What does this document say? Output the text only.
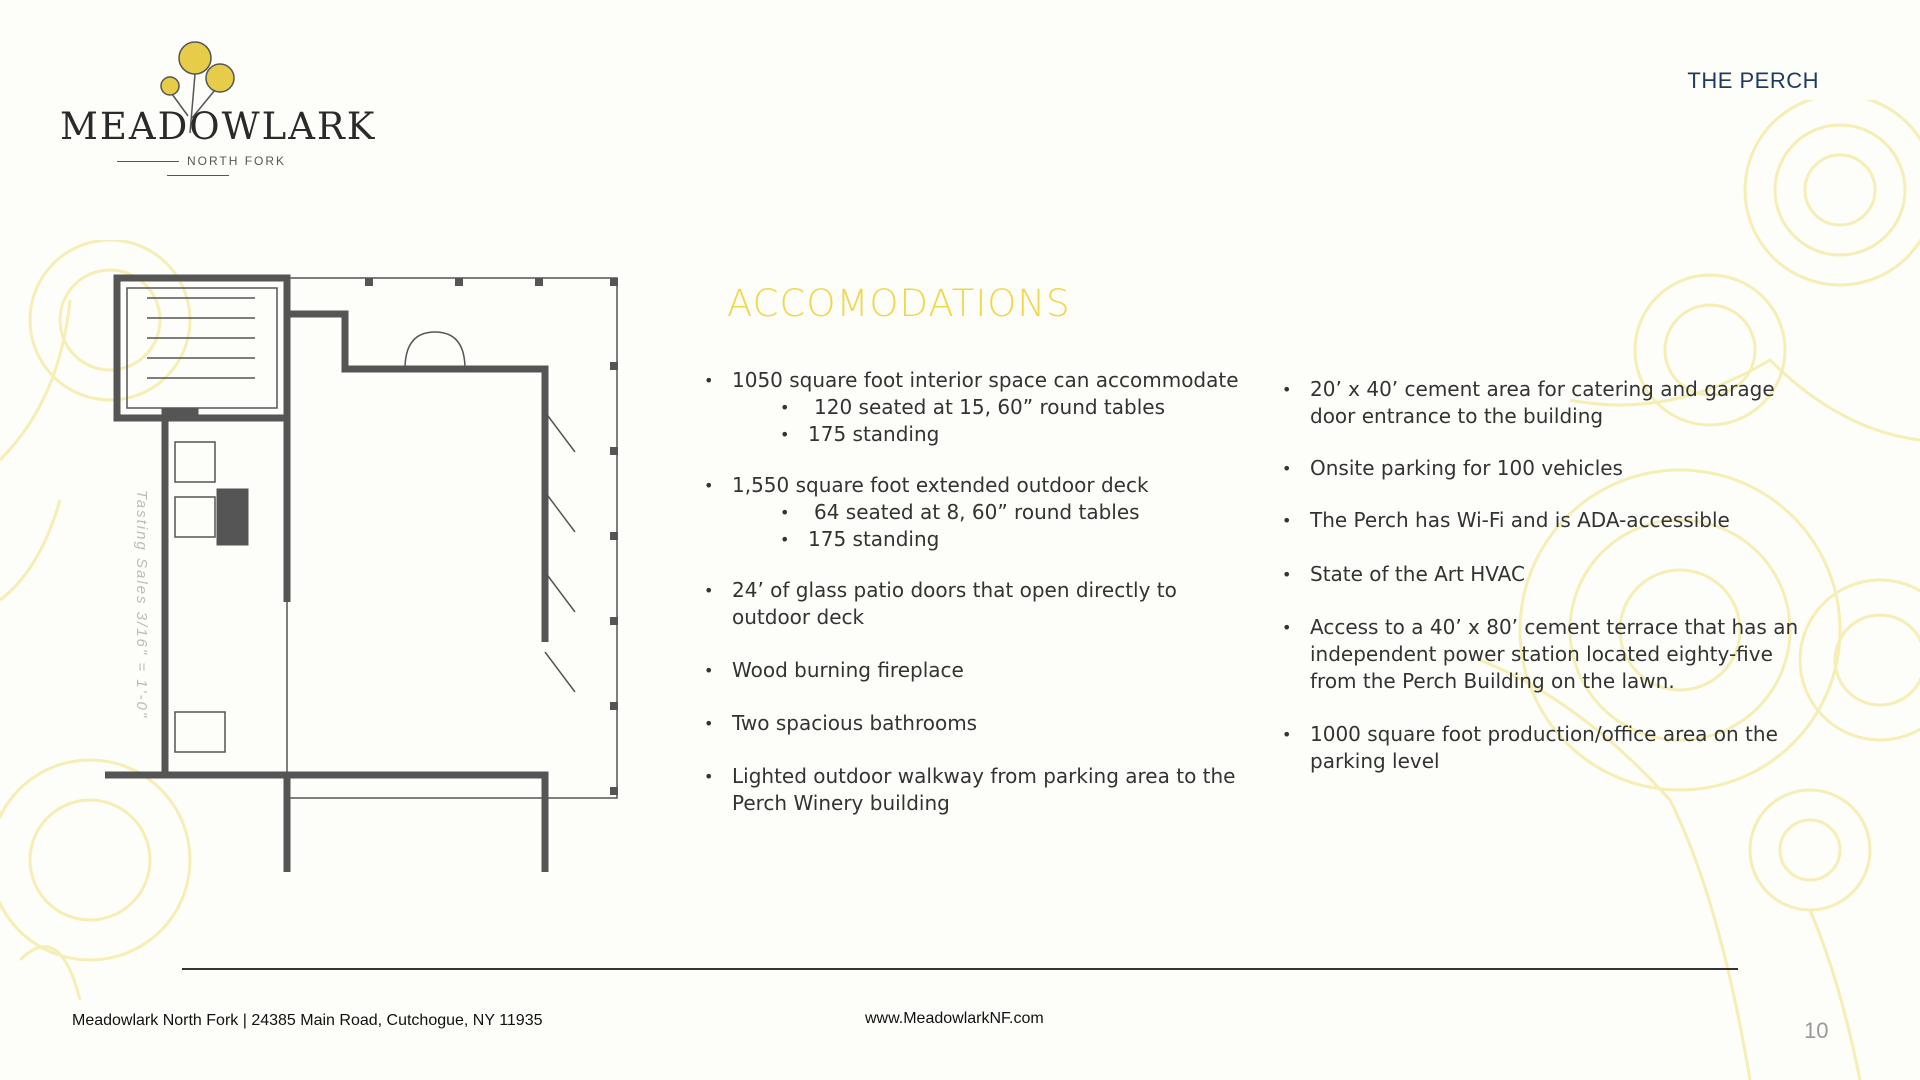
MEADOWLARK
NORTH FORK
THE PERCH
Tasting Sales 3/16" = 1'-0"
ACCOMODATIONS
• 1050 square foot interior space can accommodate
• 120 seated at 15, 60” round tables
• 175 standing
• 1,550 square foot extended outdoor deck
• 64 seated at 8, 60” round tables
• 175 standing
• 24’ of glass patio doors that open directly to outdoor deck
• Wood burning fireplace
• Two spacious bathrooms
• Lighted outdoor walkway from parking area to the Perch Winery building
• 20’ x 40’ cement area for catering and garage door entrance to the building
• Onsite parking for 100 vehicles
• The Perch has Wi-Fi and is ADA-accessible
• State of the Art HVAC
• Access to a 40’ x 80’ cement terrace that has an independent power station located eighty-five from the Perch Building on the lawn.
• 1000 square foot production/office area on the parking level
Meadowlark North Fork | 24385 Main Road, Cutchogue, NY 11935	www.MeadowlarkNF.com	10
